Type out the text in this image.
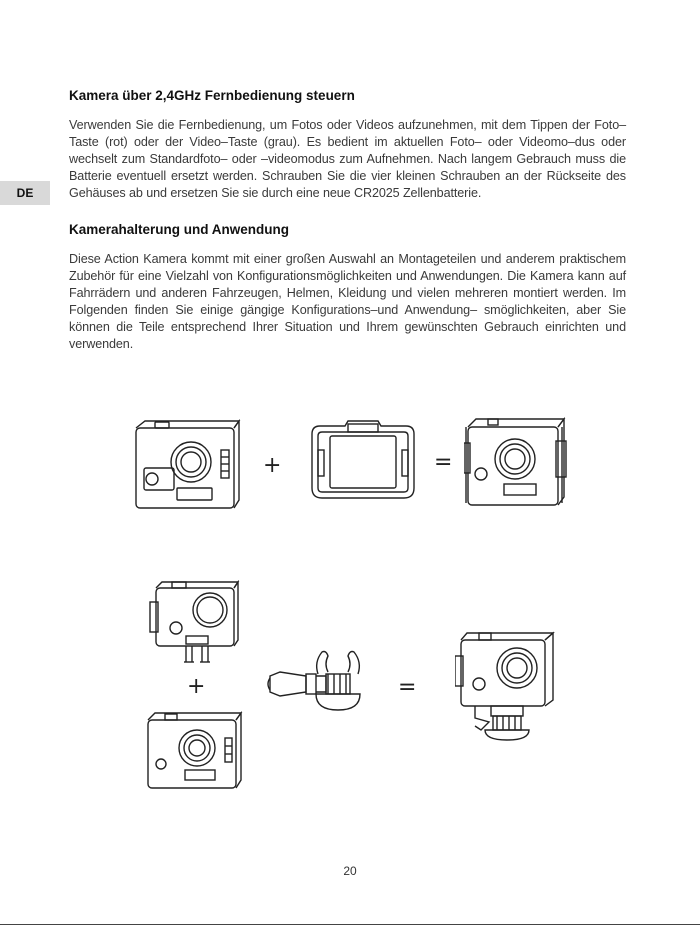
DE
Kamera über 2,4GHz Fernbedienung steuern

Verwenden Sie die Fernbedienung, um Fotos oder Videos aufzunehmen, mit dem Tippen der Foto–Taste (rot) oder der Video–Taste (grau). Es bedient im aktuellen Foto– oder Videomo–dus oder wechselt zum Standardfoto– oder –videomodus zum Aufnehmen. Nach langem Gebrauch muss die Batterie eventuell ersetzt werden. Schrauben Sie die vier kleinen Schrauben an der Rückseite des Gehäuses ab und ersetzen Sie sie durch eine neue CR2025 Zellenbatterie.

Kamerahalterung und Anwendung

Diese Action Kamera kommt mit einer großen Auswahl an Montageteilen und anderem praktischem Zubehör für eine Vielzahl von Konfigurationsmöglichkeiten und Anwendungen. Die Kamera kann auf Fahrrädern und anderen Fahrzeugen, Helmen, Kleidung und vielen mehreren montiert werden. Im Folgenden finden Sie einige gängige Konfigurations–und Anwendung– smöglichkeiten, aber Sie können die Teile entsprechend Ihrer Situation und Ihrem gewünschten Gebrauch einrichten und verwenden.

+	=
+	=
20
